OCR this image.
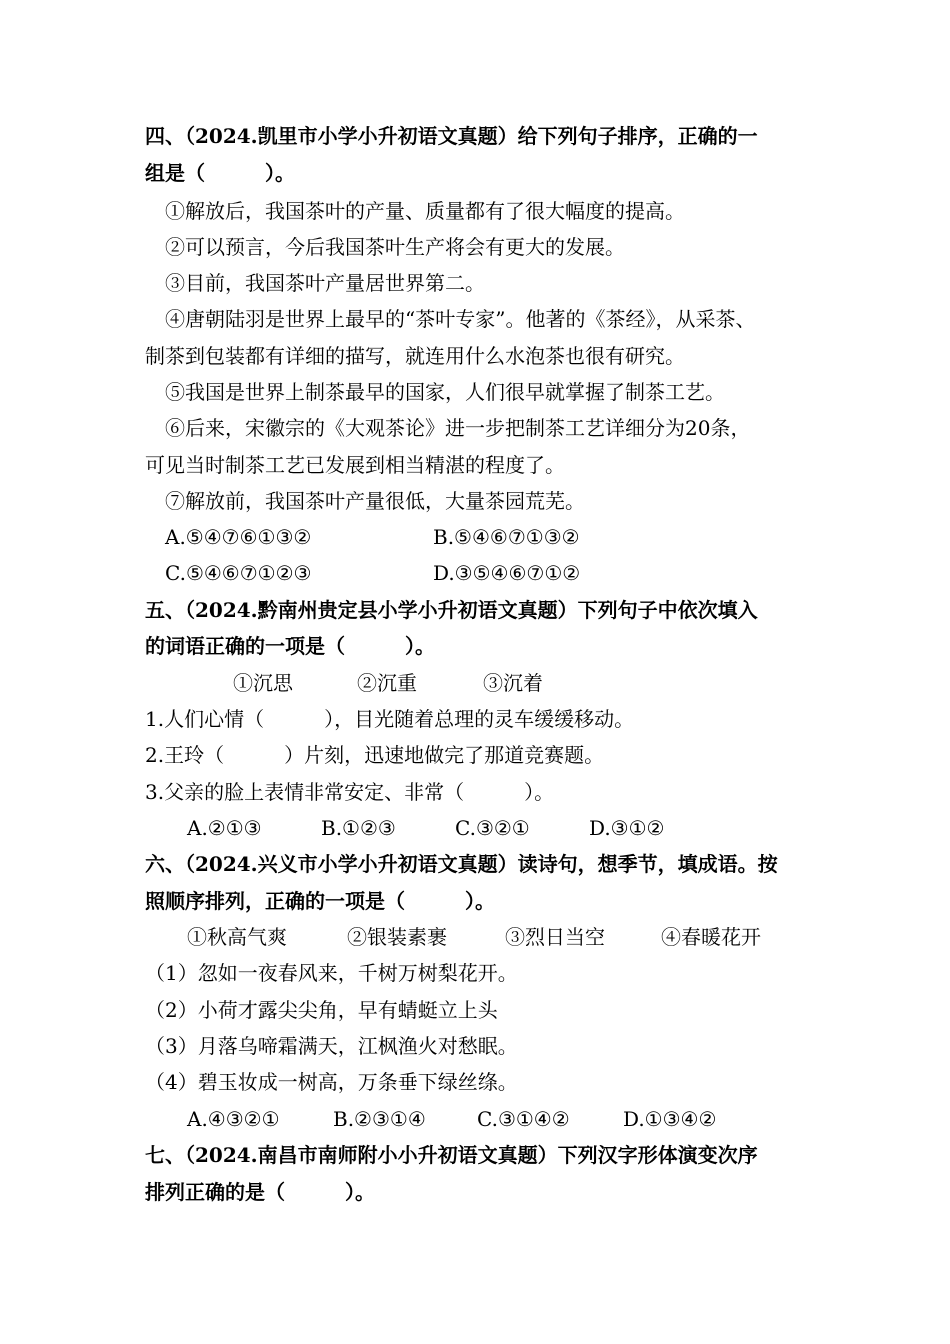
四、（2024.凯里市小学小升初语文真题）给下列句子排序，正确的一
组是（　　　）。
①解放后，我国茶叶的产量、质量都有了很大幅度的提高。
②可以预言，今后我国茶叶生产将会有更大的发展。
③目前，我国茶叶产量居世界第二。
④唐朝陆羽是世界上最早的“茶叶专家”。他著的《茶经》，从采茶、
制茶到包装都有详细的描写，就连用什么水泡茶也很有研究。
⑤我国是世界上制茶最早的国家，人们很早就掌握了制茶工艺。
⑥后来，宋徽宗的《大观茶论》进一步把制茶工艺详细分为20条，
可见当时制茶工艺已发展到相当精湛的程度了。
⑦解放前，我国茶叶产量很低，大量茶园荒芜。
A.⑤④⑦⑥①③②	B.⑤④⑥⑦①③②
C.⑤④⑥⑦①②③	D.③⑤④⑥⑦①②
五、（2024.黔南州贵定县小学小升初语文真题）下列句子中依次填入
的词语正确的一项是（　　　）。
①沉思	②沉重	③沉着
1.人们心情（　　　），目光随着总理的灵车缓缓移动。
2.王玲（　　　）片刻，迅速地做完了那道竞赛题。
3.父亲的脸上表情非常安定、非常（　　　）。
A.②①③	B.①②③	C.③②①	D.③①②
六、（2024.兴义市小学小升初语文真题）读诗句，想季节，填成语。按
照顺序排列，正确的一项是（　　　）。
①秋高气爽	②银装素裹	③烈日当空	④春暖花开
（1）忽如一夜春风来，千树万树梨花开。
（2）小荷才露尖尖角，早有蜻蜓立上头
（3）月落乌啼霜满天，江枫渔火对愁眠。
（4）碧玉妆成一树高，万条垂下绿丝绦。
A.④③②①	B.②③①④	C.③①④②	D.①③④②
七、（2024.南昌市南师附小小升初语文真题）下列汉字形体演变次序
排列正确的是（　　　）。
